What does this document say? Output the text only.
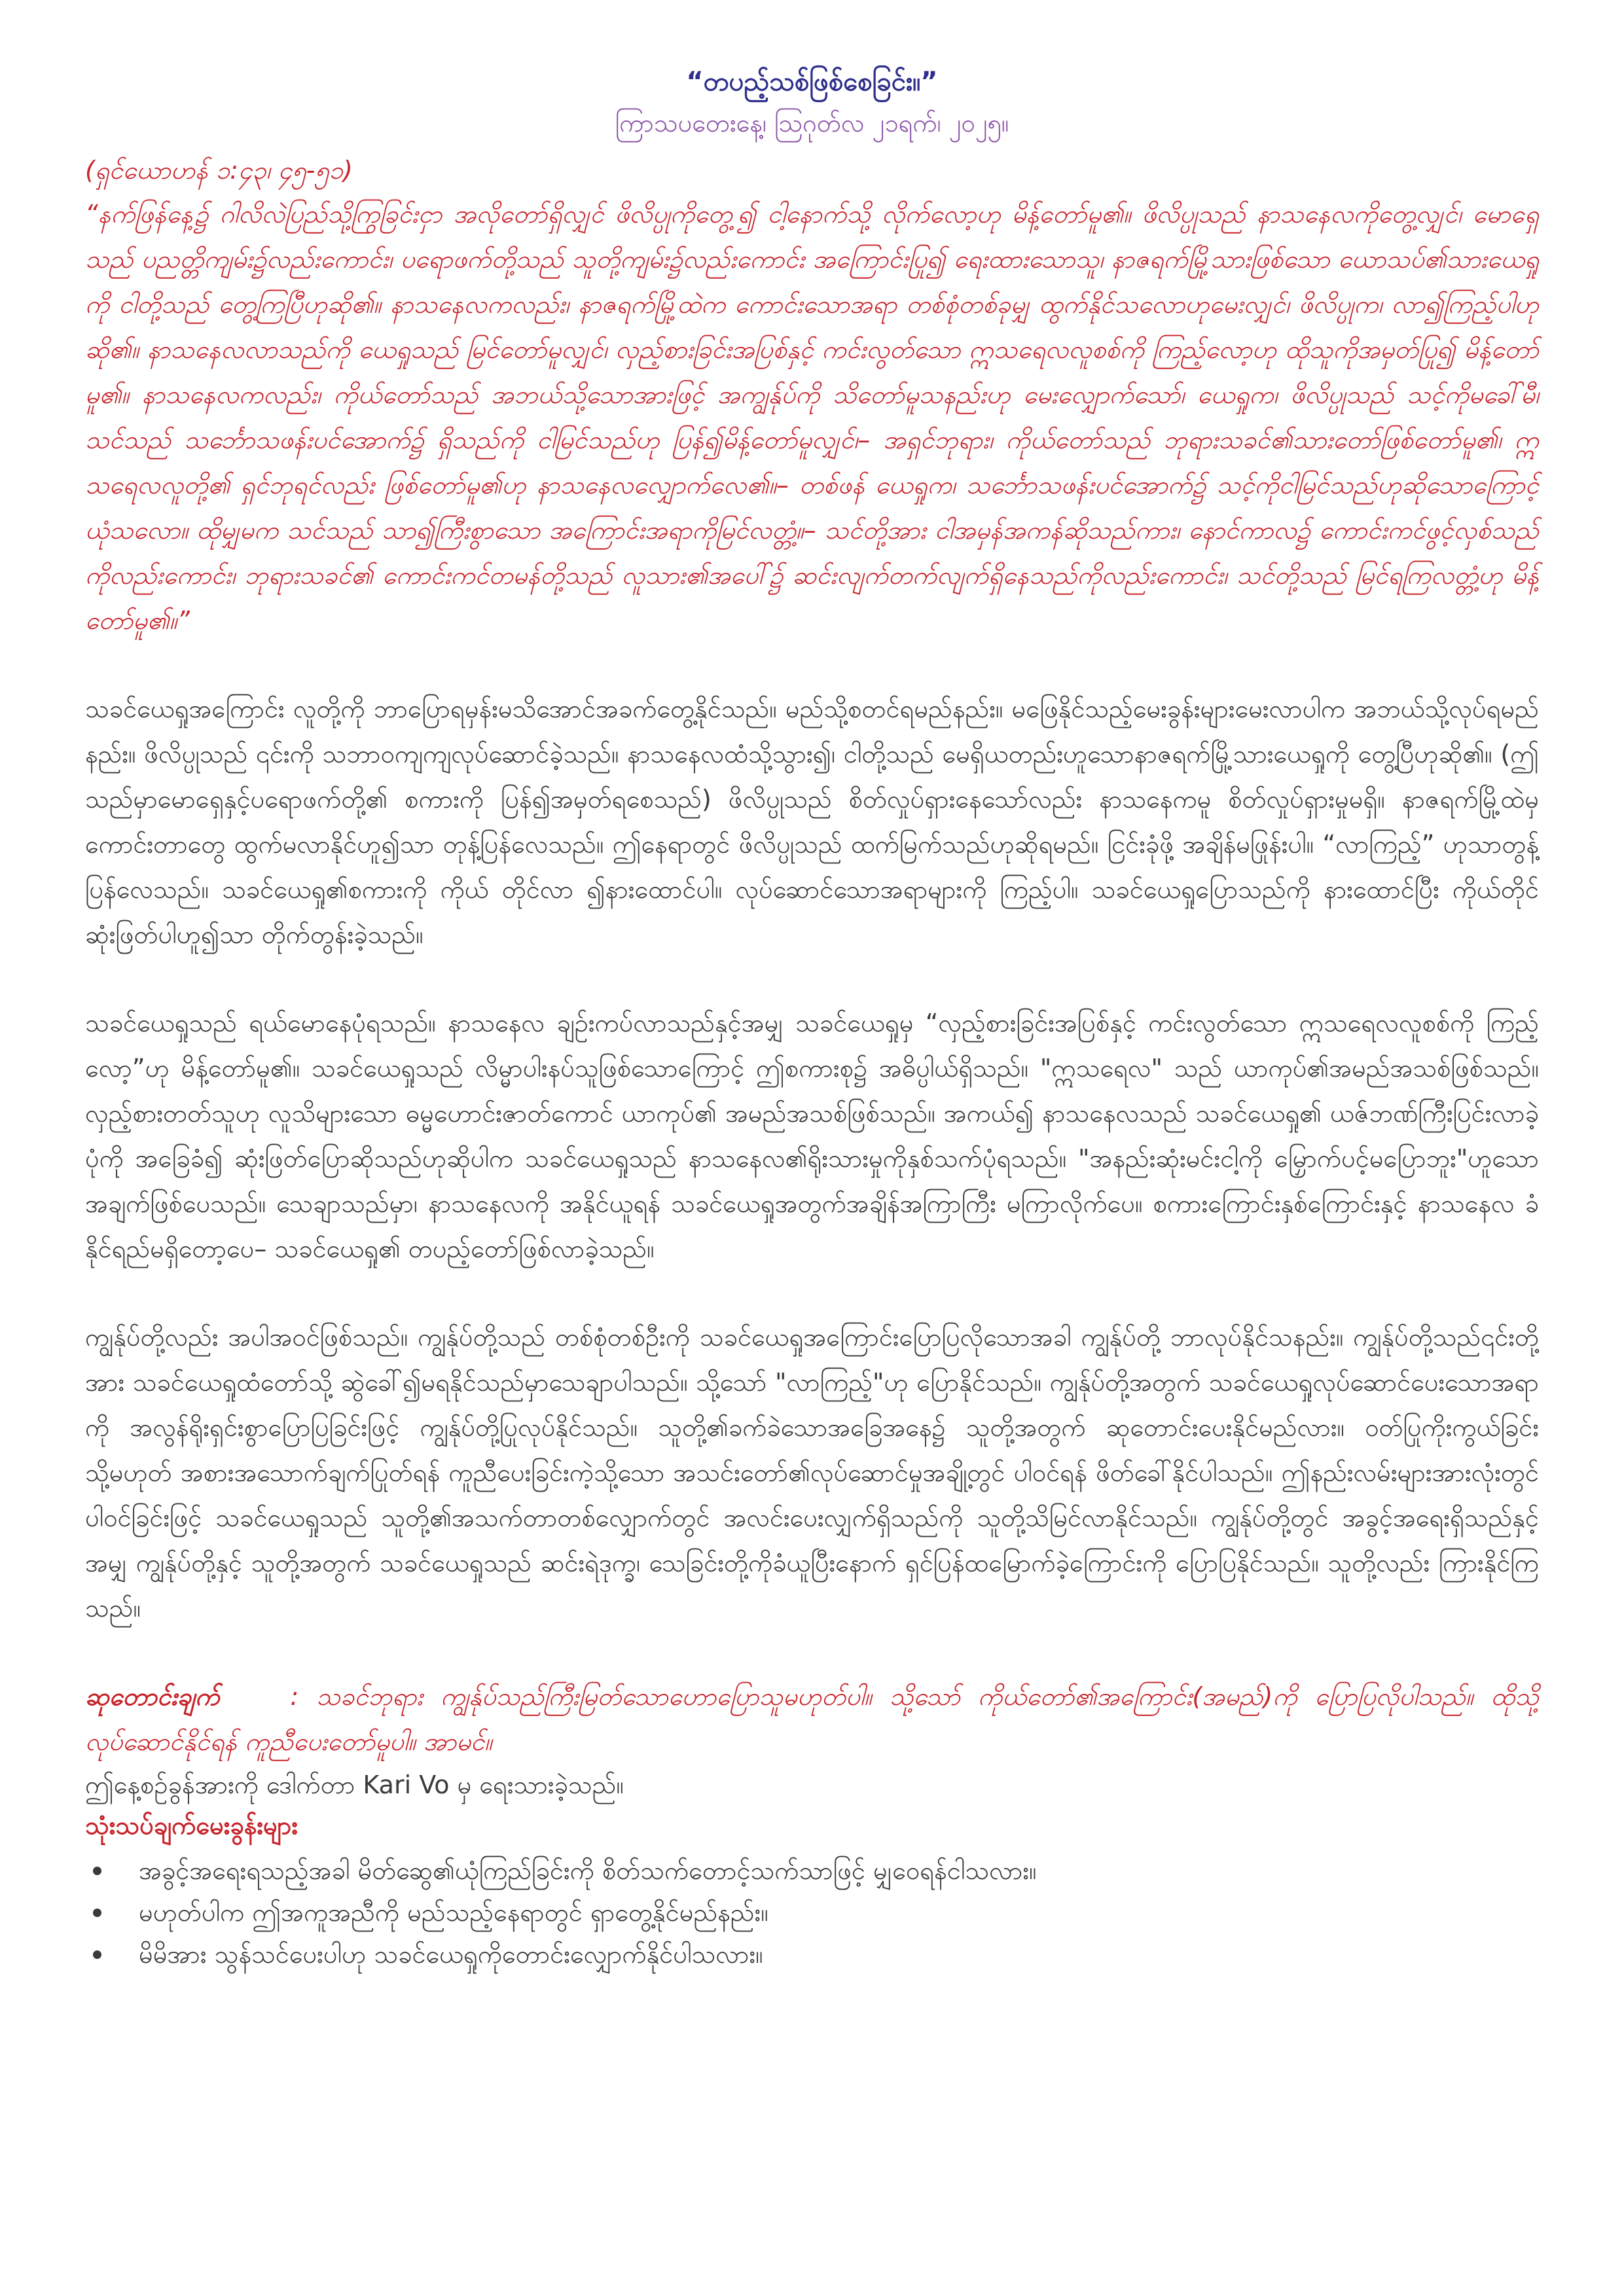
“တပည့်သစ်ဖြစ်စေခြင်း။”

ကြာသပတေးနေ့၊ ဩဂုတ်လ ၂၁ရက်၊ ၂၀၂၅။

(ရှင်ယောဟန် ၁:၄၃၊ ၄၅-၅၁)

“နက်ဖြန်နေ့၌ ဂါလိလဲပြည်သို့ကြွခြင်းငှာ အလိုတော်ရှိလျှင် ဖိလိပ္ပုကိုတွေ့၍ ငါ့နောက်သို့ လိုက်လော့ဟု မိန့်တော်မူ၏။ ဖိလိပ္ပုသည် နာသနေလကိုတွေ့လျှင်၊ မောရှေသည် ပညတ္တိကျမ်း၌လည်းကောင်း၊ ပရောဖက်တို့သည် သူတို့ကျမ်း၌လည်းကောင်း အကြောင်းပြု၍ ရေးထားသောသူ၊ နာဇရက်မြို့သားဖြစ်သော ယောသပ်၏သားယေရှုကို ငါတို့သည် တွေ့ကြပြီဟုဆို၏။ နာသနေလကလည်း၊ နာဇရက်မြို့ထဲက ကောင်းသောအရာ တစ်စုံတစ်ခုမျှ ထွက်နိုင်သလောဟုမေးလျှင်၊ ဖိလိပ္ပုက၊ လာ၍ကြည့်ပါဟု ဆို၏။ နာသနေလလာသည်ကို ယေရှုသည် မြင်တော်မူလျှင်၊ လှည့်စားခြင်းအပြစ်နှင့် ကင်းလွတ်သော ဣသရေလလူစစ်ကို ကြည့်လော့ဟု ထိုသူကိုအမှတ်ပြု၍ မိန့်တော်မူ၏။ နာသနေလကလည်း၊ ကိုယ်တော်သည် အဘယ်သို့သောအားဖြင့် အကျွန်ုပ်ကို သိတော်မူသနည်းဟု မေးလျှောက်သော်၊ ယေရှုက၊ ဖိလိပ္ပုသည် သင့်ကိုမခေါ်မီ၊ သင်သည် သင်္ဘောသဖန်းပင်အောက်၌ ရှိသည်ကို ငါမြင်သည်ဟု ပြန်၍မိန့်တော်မူလျှင်၊– အရှင်ဘုရား၊ ကိုယ်တော်သည် ဘုရားသခင်၏သားတော်ဖြစ်တော်မူ၏၊ ဣသရေလလူတို့၏ ရှင်ဘုရင်လည်း ဖြစ်တော်မူ၏ဟု နာသနေလလျှောက်လေ၏။– တစ်ဖန် ယေရှုက၊ သင်္ဘောသဖန်းပင်အောက်၌ သင့်ကိုငါမြင်သည်ဟုဆိုသောကြောင့် ယုံသလော။ ထိုမျှမက သင်သည် သာ၍ကြီးစွာသော အကြောင်းအရာကိုမြင်လတ္တံ့။– သင်တို့အား ငါအမှန်အကန်ဆိုသည်ကား၊ နောင်ကာလ၌ ကောင်းကင်ဖွင့်လှစ်သည်ကိုလည်းကောင်း၊ ဘုရားသခင်၏ ကောင်းကင်တမန်တို့သည် လူသား၏အပေါ်၌ ဆင်းလျက်တက်လျက်ရှိနေသည်ကိုလည်းကောင်း၊ သင်တို့သည် မြင်ရကြလတ္တံ့ဟု မိန့်တော်မူ၏။”

သခင်ယေရှုအကြောင်း လူတို့ကို ဘာပြောရမှန်းမသိအောင်အခက်တွေ့နိုင်သည်။ မည်သို့စတင်ရမည်နည်း။ မဖြေနိုင်သည့်မေးခွန်းများမေးလာပါက အဘယ်သို့လုပ်ရမည်နည်း။ ဖိလိပ္ပုသည် ၎င်းကို သဘာဝကျကျလုပ်ဆောင်ခဲ့သည်။ နာသနေလထံသို့သွား၍၊ ငါတို့သည် မေရှိယတည်းဟူသောနာဇရက်မြို့သားယေရှုကို တွေ့ပြီဟုဆို၏။ (ဤသည်မှာမောရှေနှင့်ပရောဖက်တို့၏ စကားကို ပြန်၍အမှတ်ရစေသည်) ဖိလိပ္ပုသည် စိတ်လှုပ်ရှားနေသော်လည်း နာသနေကမူ စိတ်လှုပ်ရှားမှုမရှိ။ နာဇရက်မြို့ထဲမှ ကောင်းတာတွေ ထွက်မလာနိုင်ဟူ၍သာ တုန့်ပြန်လေသည်။ ဤနေရာတွင် ဖိလိပ္ပုသည် ထက်မြက်သည်ဟုဆိုရမည်။ ငြင်းခုံဖို့ အချိန်မဖြုန်းပါ။ “လာကြည့်” ဟုသာတွန့်ပြန်လေသည်။ သခင်ယေရှု၏စကားကို ကိုယ် တိုင်လာ ၍နားထောင်ပါ။ လုပ်ဆောင်သောအရာများကို ကြည့်ပါ။ သခင်ယေရှုပြောသည်ကို နားထောင်ပြီး ကိုယ်တိုင်ဆုံးဖြတ်ပါဟူ၍သာ တိုက်တွန်းခဲ့သည်။

သခင်ယေရှုသည် ရယ်မောနေပုံရသည်။ နာသနေလ ချဉ်းကပ်လာသည်နှင့်အမျှ သခင်ယေရှုမှ “လှည့်စားခြင်းအပြစ်နှင့် ကင်းလွတ်သော ဣသရေလလူစစ်ကို ကြည့်လော့”ဟု မိန့်တော်မူ၏။ သခင်ယေရှုသည် လိမ္မာပါးနပ်သူဖြစ်သောကြောင့် ဤစကားစု၌ အဓိပ္ပါယ်ရှိသည်။ "ဣသရေလ" သည် ယာကုပ်၏အမည်အသစ်ဖြစ်သည်။ လှည့်စားတတ်သူဟု လူသိများသော ဓမ္မဟောင်းဇာတ်ကောင် ယာကုပ်၏ အမည်အသစ်ဖြစ်သည်။ အကယ်၍ နာသနေလသည် သခင်ယေရှု၏ ယဇ်ဘဏ်ကြီးပြင်းလာခဲ့ပုံကို အခြေခံ၍ ဆုံးဖြတ်ပြောဆိုသည်ဟုဆိုပါက သခင်ယေရှုသည် နာသနေလ၏ရိုးသားမှုကိုနှစ်သက်ပုံရသည်။ "အနည်းဆုံးမင်းငါ့ကို မြှောက်ပင့်မပြောဘူး"ဟူသော အချက်ဖြစ်ပေသည်။ သေချာသည်မှာ၊ နာသနေလကို အနိုင်ယူရန် သခင်ယေရှုအတွက်အချိန်အကြာကြီး မကြာလိုက်ပေ။ စကားကြောင်းနှစ်ကြောင်းနှင့် နာသနေလ ခံနိုင်ရည်မရှိတော့ပေ– သခင်ယေရှု၏ တပည့်တော်ဖြစ်လာခဲ့သည်။

ကျွန်ုပ်တို့လည်း အပါအဝင်ဖြစ်သည်။ ကျွန်ုပ်တို့သည် တစ်စုံတစ်ဦးကို သခင်ယေရှုအကြောင်းပြောပြလိုသောအခါ ကျွန်ုပ်တို့ ဘာလုပ်နိုင်သနည်း။ ကျွန်ုပ်တို့သည်၎င်းတို့အား သခင်ယေရှုထံတော်သို့ ဆွဲခေါ်၍မရနိုင်သည်မှာသေချာပါသည်။ သို့သော် "လာကြည့်"ဟု ပြောနိုင်သည်။ ကျွန်ုပ်တို့အတွက် သခင်ယေရှုလုပ်ဆောင်ပေးသောအရာကို အလွန်ရိုးရှင်းစွာပြောပြခြင်းဖြင့် ကျွန်ုပ်တို့ပြုလုပ်နိုင်သည်။ သူတို့၏ခက်ခဲသောအခြေအနေ၌ သူတို့အတွက် ဆုတောင်းပေးနိုင်မည်လား။ ဝတ်ပြုကိုးကွယ်ခြင်းသို့မဟုတ် အစားအသောက်ချက်ပြုတ်ရန် ကူညီပေးခြင်းကဲ့သို့သော အသင်းတော်၏လုပ်ဆောင်မှုအချို့တွင် ပါဝင်ရန် ဖိတ်ခေါ်နိုင်ပါသည်။ ဤနည်းလမ်းများအားလုံးတွင် ပါဝင်ခြင်းဖြင့် သခင်ယေရှုသည် သူတို့၏အသက်တာတစ်လျှောက်တွင် အလင်းပေးလျှက်ရှိသည်ကို သူတို့သိမြင်လာနိုင်သည်။ ကျွန်ုပ်တို့တွင် အခွင့်အရေးရှိသည်နှင့်အမျှ ကျွန်ုပ်တို့နှင့် သူတို့အတွက် သခင်ယေရှုသည် ဆင်းရဲဒုက္ခ၊ သေခြင်းတို့ကိုခံယူပြီးနောက် ရှင်ပြန်ထမြောက်ခဲ့ကြောင်းကို ပြောပြနိုင်သည်။ သူတို့လည်း ကြားနိုင်ကြသည်။

ဆုတောင်းချက်	: သခင်ဘုရား ကျွန်ုပ်သည်ကြီးမြတ်သောဟောပြောသူမဟုတ်ပါ။ သို့သော် ကိုယ်တော်၏အကြောင်း(အမည်)ကို ပြောပြလိုပါသည်။ ထိုသို့လုပ်ဆောင်နိုင်ရန် ကူညီပေးတော်မူပါ။ အာမင်။

ဤနေ့စဉ်ခွန်အားကို ဒေါက်တာ Kari Vo မှ ရေးသားခဲ့သည်။

သုံးသပ်ချက်မေးခွန်းများ

အခွင့်အရေးရသည့်အခါ မိတ်ဆွေ၏ယုံကြည်ခြင်းကို စိတ်သက်တောင့်သက်သာဖြင့် မျှဝေရန်ငါသလား။
မဟုတ်ပါက ဤအကူအညီကို မည်သည့်နေရာတွင် ရှာတွေ့နိုင်မည်နည်း။
မိမိအား သွန်သင်ပေးပါဟု သခင်ယေရှုကိုတောင်းလျှောက်နိုင်ပါသလား။
